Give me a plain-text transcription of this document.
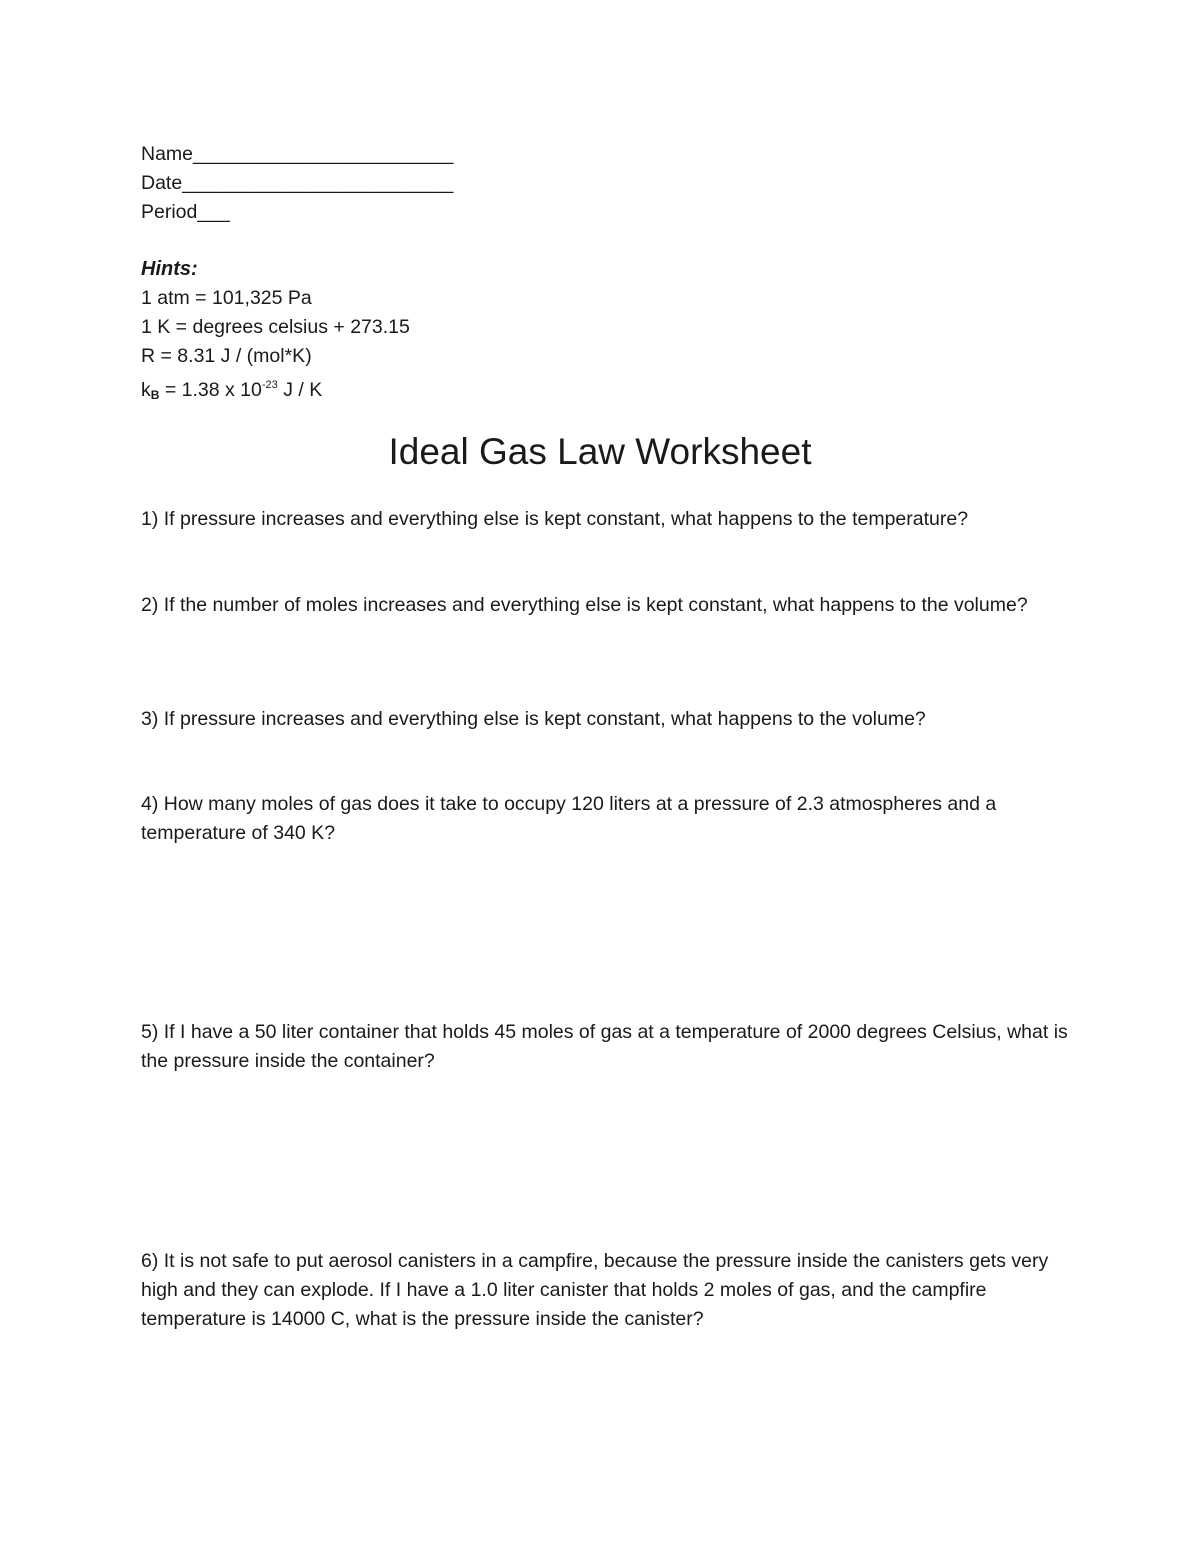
Name________________________
Date_________________________
Period___
Hints:
1 atm = 101,325 Pa
1 K = degrees celsius + 273.15
R = 8.31 J / (mol*K)
$k_B = 1.38$ x $10^{-23}$ J / K
Ideal Gas Law Worksheet
1) If pressure increases and everything else is kept constant, what happens to the temperature?
2) If the number of moles increases and everything else is kept constant, what happens to the volume?
3) If pressure increases and everything else is kept constant, what happens to the volume?
4) How many moles of gas does it take to occupy 120 liters at a pressure of 2.3 atmospheres and a temperature of 340 K?
5) If I have a 50 liter container that holds 45 moles of gas at a temperature of 2000 degrees Celsius, what is the pressure inside the container?
6) It is not safe to put aerosol canisters in a campfire, because the pressure inside the canisters gets very high and they can explode. If I have a 1.0 liter canister that holds 2 moles of gas, and the campfire temperature is 14000 C, what is the pressure inside the canister?
